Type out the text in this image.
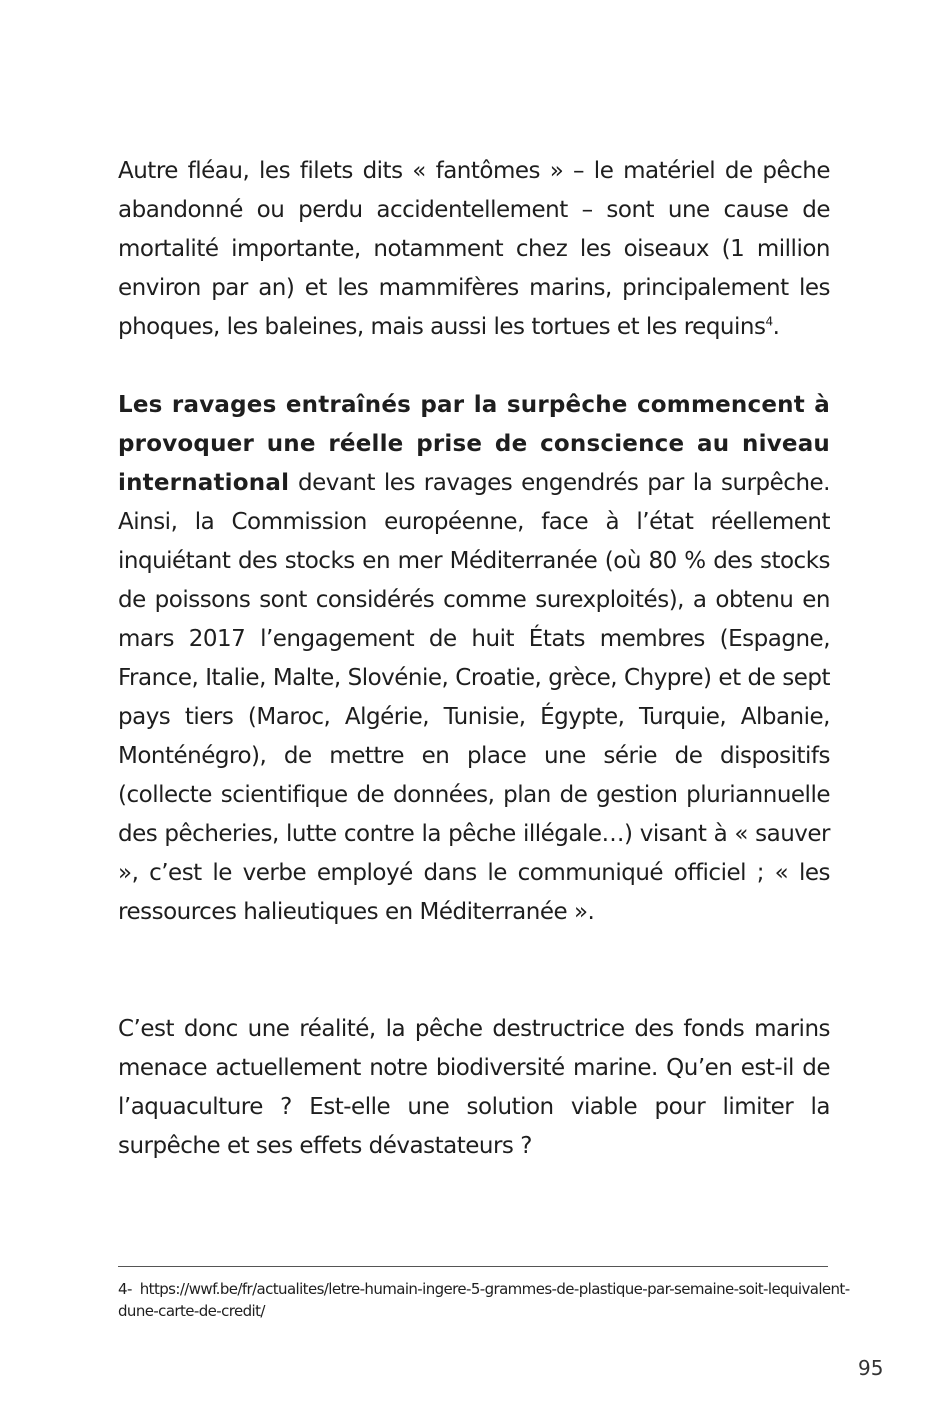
Autre fléau, les filets dits « fantômes » – le matériel de pêche abandonné ou perdu accidentellement – sont une cause de mortalité importante, notamment chez les oiseaux (1 million environ par an) et les mammifères marins, principalement les phoques, les baleines, mais aussi les tortues et les requins$^4$.

Les ravages entraînés par la surpêche commencent à provoquer une réelle prise de conscience au niveau international devant les ravages engendrés par la surpêche. Ainsi, la Commission européenne, face à l’état réellement inquiétant des stocks en mer Méditerranée (où 80 % des stocks de poissons sont considérés comme surexploités), a obtenu en mars 2017 l’engagement de huit États membres (Espagne, France, Italie, Malte, Slovénie, Croatie, grèce, Chypre) et de sept pays tiers (Maroc, Algérie, Tunisie, Égypte, Turquie, Albanie, Monténégro), de mettre en place une série de dispositifs (collecte scientifique de données, plan de gestion pluriannuelle des pêcheries, lutte contre la pêche illégale…) visant à « sauver », c’est le verbe employé dans le communiqué officiel ; « les ressources halieutiques en Méditerranée ».

C’est donc une réalité, la pêche destructrice des fonds marins menace actuellement notre biodiversité marine. Qu’en est-il de l’aquaculture ? Est-elle une solution viable pour limiter la surpêche et ses effets dévastateurs ?

4- https://wwf.be/fr/actualites/letre-humain-ingere-5-grammes-de-plastique-par-semaine-soit-lequivalent-dune-carte-de-credit/

95
